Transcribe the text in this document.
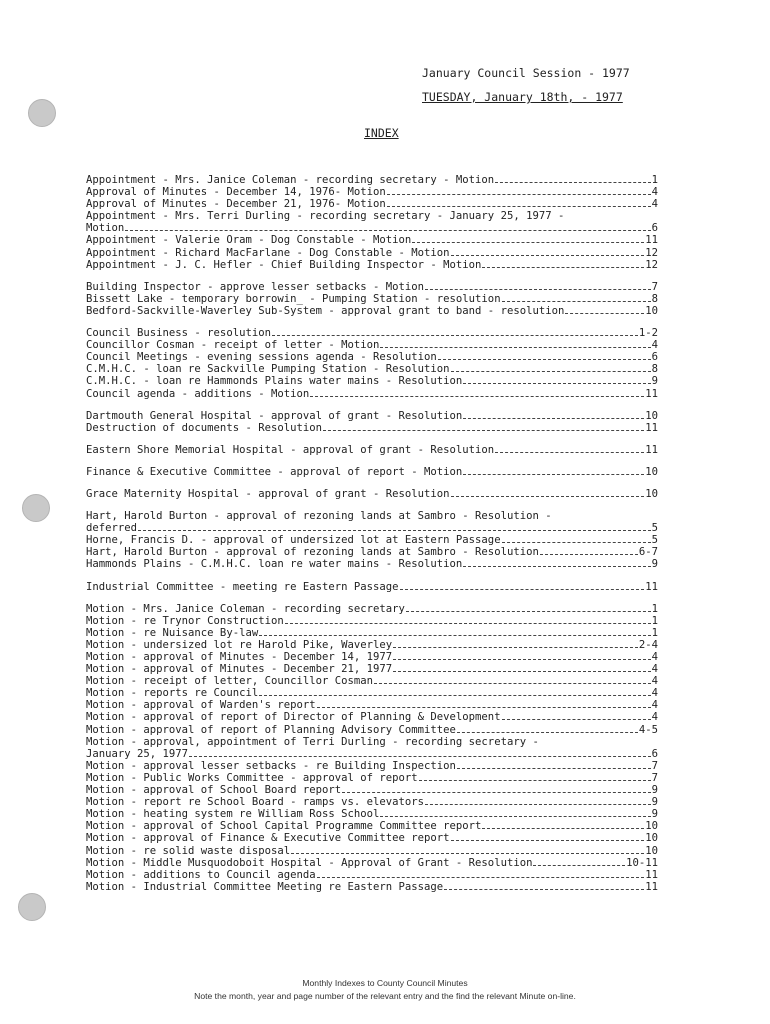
January Council Session - 1977
TUESDAY, January 18th, - 1977
INDEX
Appointment - Mrs. Janice Coleman - recording secretary - Motion	1
Approval of Minutes - December 14, 1976- Motion	4
Approval of Minutes - December 21, 1976- Motion	4
Appointment - Mrs. Terri Durling - recording secretary - January 25, 1977 -
Motion	6
Appointment - Valerie Oram - Dog Constable - Motion	11
Appointment - Richard MacFarlane - Dog Constable - Motion	12
Appointment - J. C. Hefler - Chief Building Inspector - Motion	12
Building Inspector - approve lesser setbacks - Motion	7
Bissett Lake - temporary borrowin_ - Pumping Station - resolution	8
Bedford-Sackville-Waverley Sub-System - approval grant to band - resolution	10
Council Business - resolution	1-2
Councillor Cosman - receipt of letter - Motion	4
Council Meetings - evening sessions agenda - Resolution	6
C.M.H.C. - loan re Sackville Pumping Station - Resolution	8
C.M.H.C. - loan re Hammonds Plains water mains - Resolution	9
Council agenda - additions - Motion	11
Dartmouth General Hospital - approval of grant - Resolution	10
Destruction of documents - Resolution	11
Eastern Shore Memorial Hospital - approval of grant - Resolution	11
Finance & Executive Committee - approval of report - Motion	10
Grace Maternity Hospital - approval of grant - Resolution	10
Hart, Harold Burton - approval of rezoning lands at Sambro - Resolution -
deferred	5
Horne, Francis D. - approval of undersized lot at Eastern Passage	5
Hart, Harold Burton - approval of rezoning lands at Sambro - Resolution	6-7
Hammonds Plains - C.M.H.C. loan re water mains - Resolution	9
Industrial Committee - meeting re Eastern Passage	11
Motion - Mrs. Janice Coleman - recording secretary	1
Motion - re Trynor Construction	1
Motion - re Nuisance By-law	1
Motion - undersized lot re Harold Pike, Waverley	2-4
Motion - approval of Minutes - December 14, 1977	4
Motion - approval of Minutes - December 21, 1977	4
Motion - receipt of letter, Councillor Cosman	4
Motion - reports re Council	4
Motion - approval of Warden's report	4
Motion - approval of report of Director of Planning & Development	4
Motion - approval of report of Planning Advisory Committee	4-5
Motion - approval, appointment of Terri Durling - recording secretary -
January 25, 1977	6
Motion - approval lesser setbacks - re Building Inspection	7
Motion - Public Works Committee - approval of report	7
Motion - approval of School Board report	9
Motion - report re School Board - ramps vs. elevators	9
Motion - heating system re William Ross School	9
Motion - approval of School Capital Programme Committee report	10
Motion - approval of Finance & Executive Committee report	10
Motion - re solid waste disposal	10
Motion - Middle Musquodoboit Hospital - Approval of Grant - Resolution	10-11
Motion - additions to Council agenda	11
Motion - Industrial Committee Meeting re Eastern Passage	11
Monthly Indexes to County Council Minutes
Note the month, year and page number of the relevant entry and the find the relevant Minute on-line.
